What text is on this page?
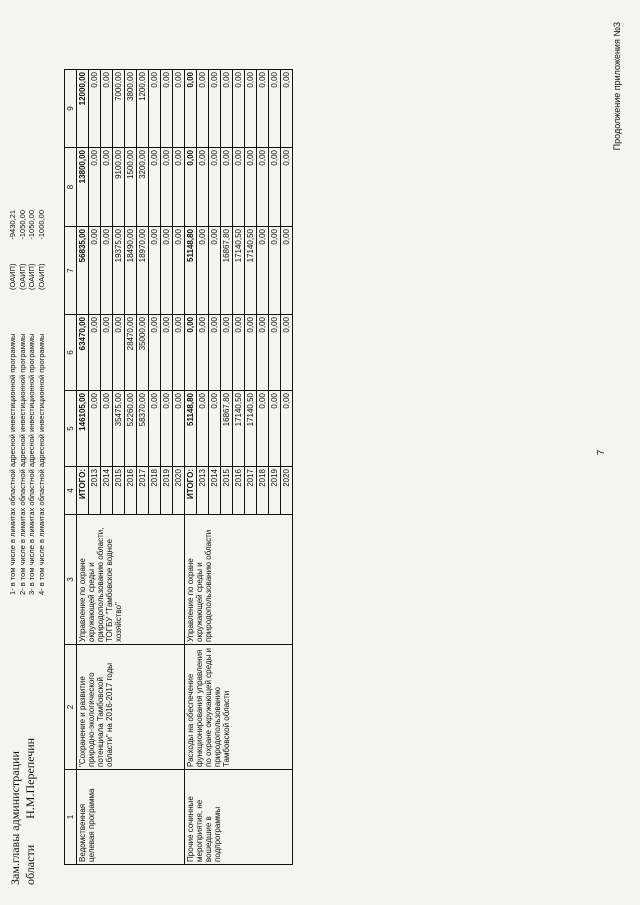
7
Продолжение приложения №3
1	2	3	4	5	6	7	8	9
Ведомственная целевая программа	"Сохранение и развитие природно-экологического потенциала Тамбовской области" на 2016-2017 годы	Управление по охране окружающей среды и природопользованию области, ТОГБУ "Тамбовское водное хозяйство"	ИТОГО:	146105,00	63470,00	56835,00	13800,00	12000,00
			2013	0,00	0,00	0,00	0,00	0,00
			2014	0,00	0,00	0,00	0,00	0,00
			2015	35475,00	0,00	19375,00	9100,00	7000,00
			2016	52260,00	28470,00	18490,00	1500,00	3800,00
			2017	58370,00	35000,00	18970,00	3200,00	1200,00
			2018	0,00	0,00	0,00	0,00	0,00
			2019	0,00	0,00	0,00	0,00	0,00
			2020	0,00	0,00	0,00	0,00	0,00
Прочие сочинные мероприятия, не вошедшие в подпрограммы	Расходы на обеспечение функционирования управления по охране окружающей среды и природопользованию Тамбовской области	Управление по охране окружающей среды и природопользованию области	ИТОГО:	51148,80	0,00	51148,80	0,00	0,00
			2013	0,00	0,00	0,00	0,00	0,00
			2014	0,00	0,00	0,00	0,00	0,00
			2015	16867,80	0,00	16867,80	0,00	0,00
			2016	17140,50	0,00	17140,50	0,00	0,00
			2017	17140,50	0,00	17140,50	0,00	0,00
			2018	0,00	0,00	0,00	0,00	0,00
			2019	0,00	0,00	0,00	0,00	0,00
			2020	0,00	0,00	0,00	0,00	0,00
1- в том числе в лимитах областной адресной инвестиционной программы
(ОАИП)
-9430,21
2- в том числе в лимитах областной адресной инвестиционной программы
(ОАИП)
-1050,00
3- в том числе в лимитах областной адресной инвестиционной программы
(ОАИП)
-1050,00
4- в том числе в лимитах областной адресной инвестиционной программы
(ОАИП)
-1000,00
Зам.главы администрации областиН.М.Перепечин
